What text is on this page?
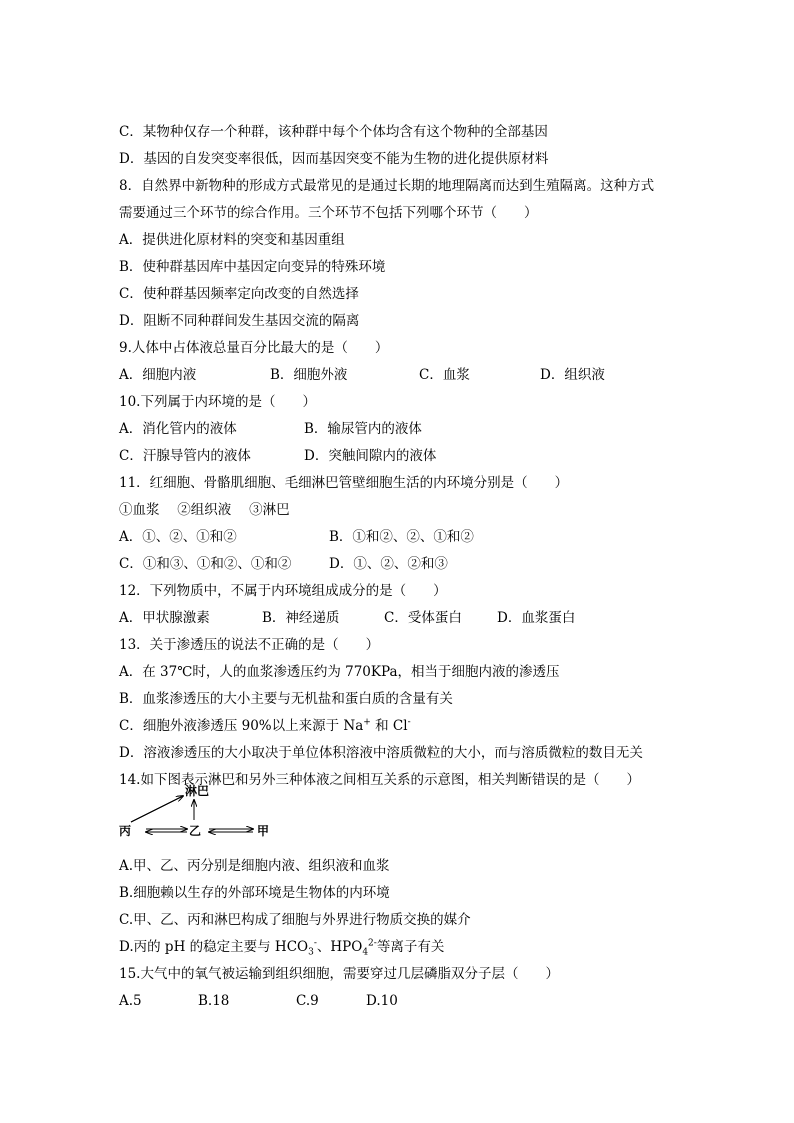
C．某物种仅存一个种群，该种群中每个个体均含有这个物种的全部基因
D．基因的自发突变率很低，因而基因突变不能为生物的进化提供原材料
8．自然界中新物种的形成方式最常见的是通过长期的地理隔离而达到生殖隔离。这种方式
需要通过三个环节的综合作用。三个环节不包括下列哪个环节（　　）
A．提供进化原材料的突变和基因重组
B．使种群基因库中基因定向变异的特殊环境
C．使种群基因频率定向改变的自然选择
D．阻断不同种群间发生基因交流的隔离
9.人体中占体液总量百分比最大的是（　　）
A．细胞内液	B．细胞外液	C．血浆	D．组织液
10.下列属于内环境的是（　　）
A．消化管内的液体	B．输尿管内的液体
C．汗腺导管内的液体	D．突触间隙内的液体
11．红细胞、骨骼肌细胞、毛细淋巴管壁细胞生活的内环境分别是（　　）
①血浆　 ②组织液　 ③淋巴
A．①、②、①和②	B．①和②、②、①和②
C．①和③、①和②、①和②	D．①、②、②和③
12．下列物质中，不属于内环境组成成分的是（　　）
A．甲状腺激素	B．神经递质	C．受体蛋白	D．血浆蛋白
13．关于渗透压的说法不正确的是（　　）
A．在 37℃时，人的血浆渗透压约为 770KPa，相当于细胞内液的渗透压
B．血浆渗透压的大小主要与无机盐和蛋白质的含量有关
C．细胞外液渗透压 90%以上来源于 Na+ 和 Cl-
D．溶液渗透压的大小取决于单位体积溶液中溶质微粒的大小，而与溶质微粒的数目无关
14.如下图表示淋巴和另外三种体液之间相互关系的示意图，相关判断错误的是（　　）
淋巴
丙	乙	甲
A.甲、乙、丙分别是细胞内液、组织液和血浆
B.细胞赖以生存的外部环境是生物体的内环境
C.甲、乙、丙和淋巴构成了细胞与外界进行物质交换的媒介
D.丙的 pH 的稳定主要与 $HCO_3^-$、$HPO_4^{2-}$等离子有关
15.大气中的氧气被运输到组织细胞，需要穿过几层磷脂双分子层（　　）
A.5	B.18	C.9	D.10
